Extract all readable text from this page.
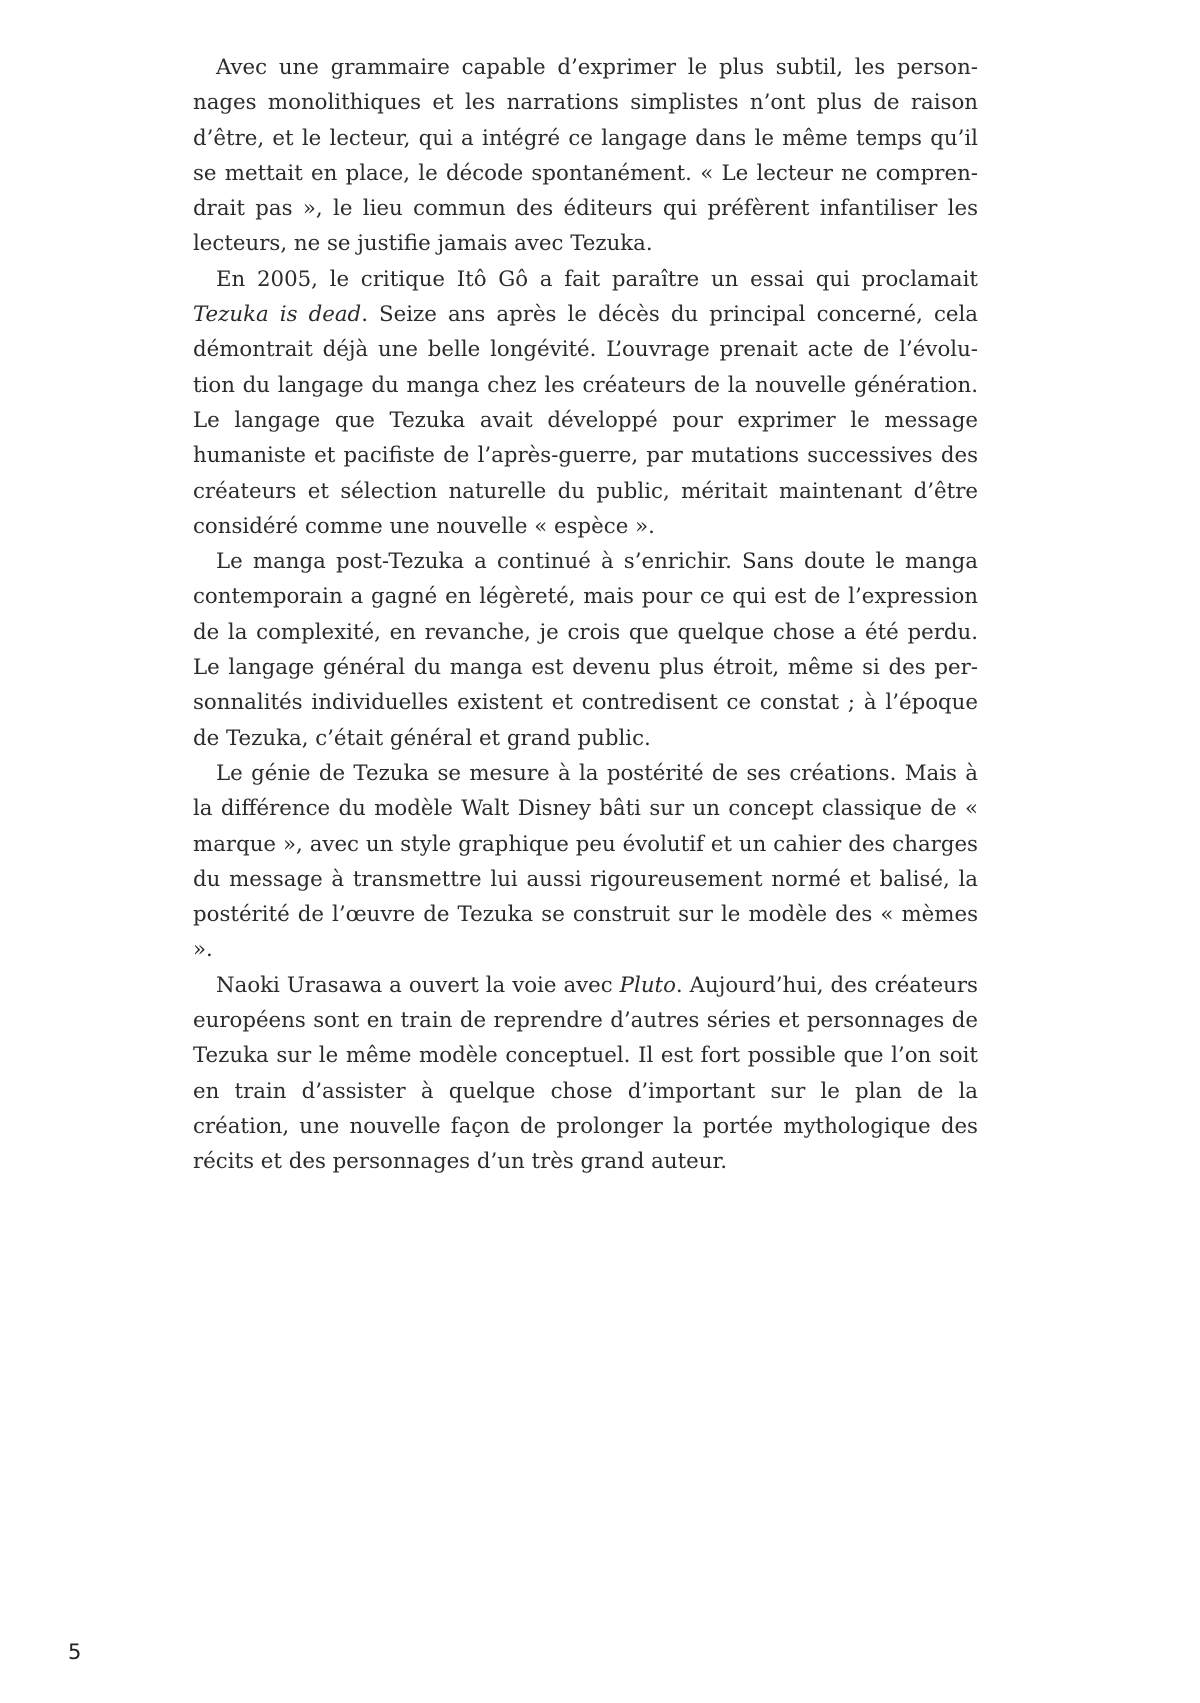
Avec une grammaire capable d’exprimer le plus subtil, les personnages monolithiques et les narrations simplistes n’ont plus de raison d’être, et le lecteur, qui a intégré ce langage dans le même temps qu’il se mettait en place, le décode spontanément. « Le lecteur ne comprendrait pas », le lieu commun des éditeurs qui préfèrent infantiliser les lecteurs, ne se justifie jamais avec Tezuka.

En 2005, le critique Itô Gô a fait paraître un essai qui proclamait Tezuka is dead. Seize ans après le décès du principal concerné, cela démontrait déjà une belle longévité. L’ouvrage prenait acte de l’évolution du langage du manga chez les créateurs de la nouvelle génération. Le langage que Tezuka avait développé pour exprimer le message humaniste et pacifiste de l’après-guerre, par mutations successives des créateurs et sélection naturelle du public, méritait maintenant d’être considéré comme une nouvelle « espèce ».

Le manga post-Tezuka a continué à s’enrichir. Sans doute le manga contemporain a gagné en légèreté, mais pour ce qui est de l’expression de la complexité, en revanche, je crois que quelque chose a été perdu. Le langage général du manga est devenu plus étroit, même si des personnalités individuelles existent et contredisent ce constat ; à l’époque de Tezuka, c’était général et grand public.

Le génie de Tezuka se mesure à la postérité de ses créations. Mais à la différence du modèle Walt Disney bâti sur un concept classique de « marque », avec un style graphique peu évolutif et un cahier des charges du message à transmettre lui aussi rigoureusement normé et balisé, la postérité de l’œuvre de Tezuka se construit sur le modèle des « mèmes ».

Naoki Urasawa a ouvert la voie avec Pluto. Aujourd’hui, des créateurs européens sont en train de reprendre d’autres séries et personnages de Tezuka sur le même modèle conceptuel. Il est fort possible que l’on soit en train d’assister à quelque chose d’important sur le plan de la création, une nouvelle façon de prolonger la portée mythologique des récits et des personnages d’un très grand auteur.

5
